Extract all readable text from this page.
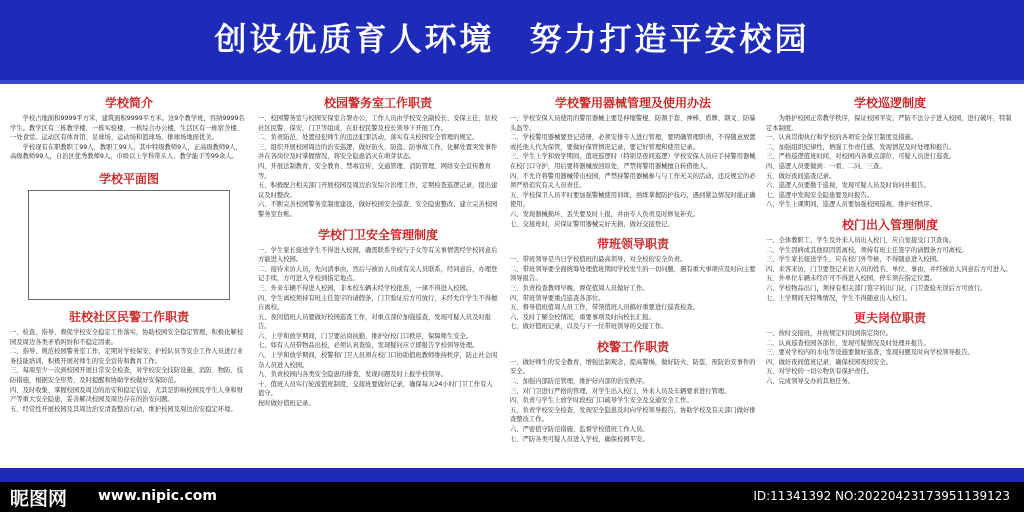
创设优质育人环境　努力打造平安校园
学校简介

　　学校占地面积9999平方米，建筑面积9999平方米。这9个教学班，容纳9999名学生。教学区有三栋教学楼，一栋实验楼，一栋综合办公楼，生活区有一栋宿舍楼、一处食堂。运动区有体育馆、足球场、运动场和篮球场、排球场地面优美。
　　学校现有在职教职工99人，教职工99人，其中特级教师9人，正高级教师9人，高级教师99人，自治区优秀教师9人，市级以上学科带头人、教学能手等99余人。

学校平面图
驻校社区民警工作职责

一、检查、指导、督促学校安全稳定工作落实，协助校园安全稳定管理，积极化解校园及周边各类矛盾纠纷和不稳定因素。
二、指导、规范校园警务室工作，定期对学校保安、护校队员等安全工作人员进行业务技能培训，积极开展对师生的安全宣传和教育工作。
三、每周至少一次到校园开展日常安全检查，对学校安全技防设施、消防、物防、技防措施，根据安全形势，及时提醒和协助学校做好安保防范。
四、及时收集、掌握校园及周边的治安和稳定信息，尤其是影响校园及学生人身和财产等重大安全隐患，妥善解决校园及周边存在的治安问题。
五、经常性开展校园及其周边治安清查整治行动，维护校园及周边治安稳定环境。

校园警务室工作职责

一、校园警务室与校园安保室合署办公，工作人员由学校安全副校长、安保主任、驻校社区民警、保安、门卫等组成，在驻校民警及校长领导下开展工作。
二、负责防范、处置侵犯师生的违法犯罪活动，落实有关校园安全管理的规定。
三、组织开展校园周边的治安巡逻，做好防火、防盗、防事故工作，化解处置突发事件并在各岗位及时掌握情况，将安全隐患消灭在萌芽状态。
四、开展法制教育、安全教育、禁毒宣传、交通管理、消防管理、网络安全宣传教育等。
五、积极配合相关部门开展校园及周边治安综合治理工作，定期检查巡逻记录，提出建议及时整改。
六、不断完善校园警务室制度建设，做好校园安全巡查、安全隐患整改、建立完善校园警务室台账。

学校门卫安全管理制度

一、学生家长接送学生不得进入校园，确需联系学校与子女等有关事情需经学校同意后方能进入校园。
二、接待来访人员，先问清事由，然后与被访人员或有关人员联系，经同意后，办理登记手续，方可进入学校到指定地点。
三、外来车辆不得进入校园，非本校车辆未经学校批准，一律不得进入校园。
四、学生离校须持有班主任签字的请假条，门卫验证后方可放行，未经允许学生不得擅自离校。
五、夜间值班人员要做好校园巡查工作，对重点部位加强巡查，发现可疑人员及时报告。
六、上学和放学期间，门卫要站岗执勤，维护好校门口秩序，保障师生安全。
七、如有人员带物品出校，必须认真查验，发现疑问应立即报告学校领导处理。
八、上学和放学期间，校警和门卫人员须在校门口协助值班教师维持秩序，防止社会闲杂人员进入校园。
九、负责校园内各类安全隐患的排查，发现问题及时上报学校领导。
十、值班人员实行轮流值班制度，交接班要做好记录，确保每天24小时门卫工作有人值守。

按时做好值班记录。

学校警用器械管理及使用办法

一、学校安保人员使用的警用器械主要是伸缩警棍、防割手套、神棒、盾牌、钢叉、防暴头盔等。
二、学校警用器械要登记造册，必须安排专人进行管理，要明确管理职责，不得随意放置或托他人代为保管，要做好保管情况记录，要记好管理和使用记录。
三、学生上学和放学期间，值班巡逻时（特别是夜间巡逻）学校安保人员应手持警用器械在校门口守护，用后要将器械放回原处，严禁将警用器械擅自转借他人。
四、不允许将警用器械带出校园，严禁持警用器械参与与工作无关的活动，违反规定的必须严格追究有关人员责任。
五、学校保卫人员平时要加强警械使用训练，熟练掌握防护技巧，遇到紧急情况时能正确使用。
六、发现器械损坏、丢失要及时上报，并由专人负责及时修复补充。
七、交接班时，应保证警用器械完好无损，做好交接登记。

带班领导职责

一、带班领导是当日学校值班的最高领导，对全校的安全负责。
二、带班领导要全面统筹处理值班期间学校发生的一切问题，遇有重大事项应及时向主要领导报告。
三、负责检查教师早晚，督促值周人员做好工作。
四、带班领导要重点巡查各部位。
五、督导值班值周人员工作，带领值班人员搞好重要进行巡查检查。
六、及时了解全校情况，重要事项及时向校长汇报。
七、做好值班记录，以及与下一位带班领导的交接工作。

校警工作职责

一、做好师生的安全教育，增强法制观念，提高警惕，做好防火、防盗、预防治安事件的安全。
二、加强内部防范管理，维护好内部的治安秩序。
三、对门卫进行严格的管理，对学生出入校门、外来人员及车辆要求进行管理。
四、负责与学生上放学时段校门口疏导学生安全及交通安全工作。
五、负责学校安全检查，发现安全隐患及时向学校领导报告，协助学校及有关部门做好排查整改工作。
六、严密值守防范措施，监督学校值班工作人员。
七、严防各类可疑人员进入学校，确保校园平安。

学校巡逻制度

　　为维护校园正常教学秩序，保证校园平安，严防不法分子进入校园，进行破坏，特制定本制度。
一、认真贯彻执行和学校的各项安全保卫制度及措施。
二、加强组织纪律性，增强工作责任感，发现情况及时处理和报告。
三、严格巡逻值班时间，对校园内各重点部位、可疑人员进行巡查。
四、巡逻人员要做到：一看、二问、三查。
五、做好夜间巡查记录。
六、巡逻人员要勤于巡视，发现可疑人员及时询问并报告。
七、巡逻中发现安全隐患要及时报告。
八、学生上课期间，巡逻人员要加强校园巡视，维护好秩序。

校门出入管理制度

一、全体教职工、学生及外来人员出入校门，应自觉接受门卫查询。
二、学生因病或其他原因需离校，须持有班主任签字的请假条方可离校。
三、学生家长接送学生，应在校门外等候，不得随意进入校园。
四、来客来访，门卫要登记来访人员的姓名、单位、事由，并经被访人同意后方可进入。
五、外单位车辆未经许可不得进入校园，停车须在指定位置。
六、学校物品出门，须持有相关部门签字的出门证，门卫查验无误后方可放行。
七、上学期间无特殊情况，学生不得随意出入校门。

更夫岗位职责

一、按时交接班，并按规定时间到指定岗位。
二、认真巡查校园各部位，发现可疑情况及时处理并报告。
三、要对学校内的水电等设施要做好巡查，发现问题及时向学校领导报告。
四、做好夜间值班记录，确保校园夜间安全。
五、对学校的一切公物负有保护责任。
六、完成领导交办的其他任务。

昵图网 www.nipic.com	ID:11341392 NO:20220423173951139123
